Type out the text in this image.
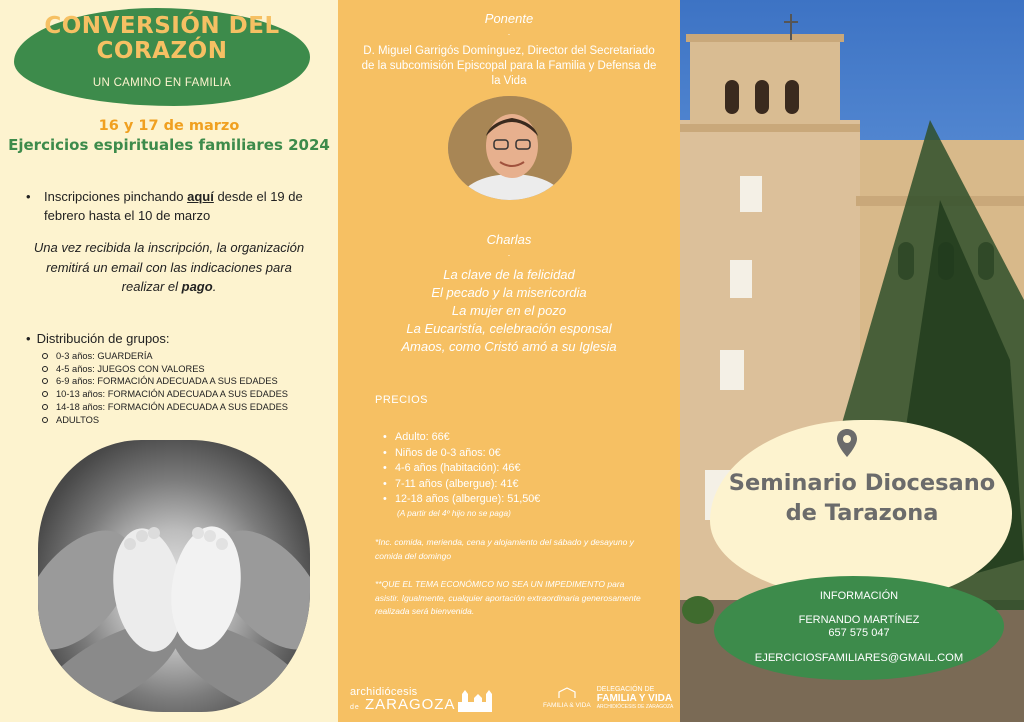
CONVERSIÓN DEL CORAZÓN
UN CAMINO EN FAMILIA
16 y 17 de marzo
Ejercicios espirituales familiares 2024
•	Inscripciones pinchando aquí desde el 19 de febrero hasta el 10 de marzo
Una vez recibida la inscripción, la organización remitirá un email con las indicaciones para realizar el pago.
• Distribución de grupos:
0-3 años: GUARDERÍA
4-5 años: JUEGOS CON VALORES
6-9 años: FORMACIÓN ADECUADA A SUS EDADES
10-13 años: FORMACIÓN ADECUADA A SUS EDADES
14-18 años: FORMACIÓN ADECUADA A SUS EDADES
ADULTOS
Ponente
·
D. Miguel Garrigós Domínguez, Director del Secretariado de la subcomisión Episcopal para la Familia y Defensa de la Vida
Charlas
·
La clave de la felicidad
El pecado y la misericordia
La mujer en el pozo
La Eucaristía, celebración esponsal
Amaos, como Cristó amó a su Iglesia
PRECIOS
• Adulto: 66€
• Niños de 0-3 años: 0€
• 4-6 años (habitación): 46€
• 7-11 años (albergue): 41€
• 12-18 años (albergue): 51,50€
(A partir del 4º hijo no se paga)
*Inc. comida, merienda, cena y alojamiento del sábado y desayuno y comida del domingo
**QUE EL TEMA ECONÓMICO NO SEA UN IMPEDIMENTO para asistir. Igualmente, cualquier aportación extraordinaria generosamente realizada será bienvenida.
archidiócesis
de ZARAGOZA	FAMILIA & VIDA
DELEGACIÓN DE
FAMILIA Y VIDA
ARCHIDIÓCESIS DE ZARAGOZA
Seminario Diocesano de Tarazona
INFORMACIÓN
FERNANDO MARTÍNEZ
657 575 047
EJERCICIOSFAMILIARES@GMAIL.COM
